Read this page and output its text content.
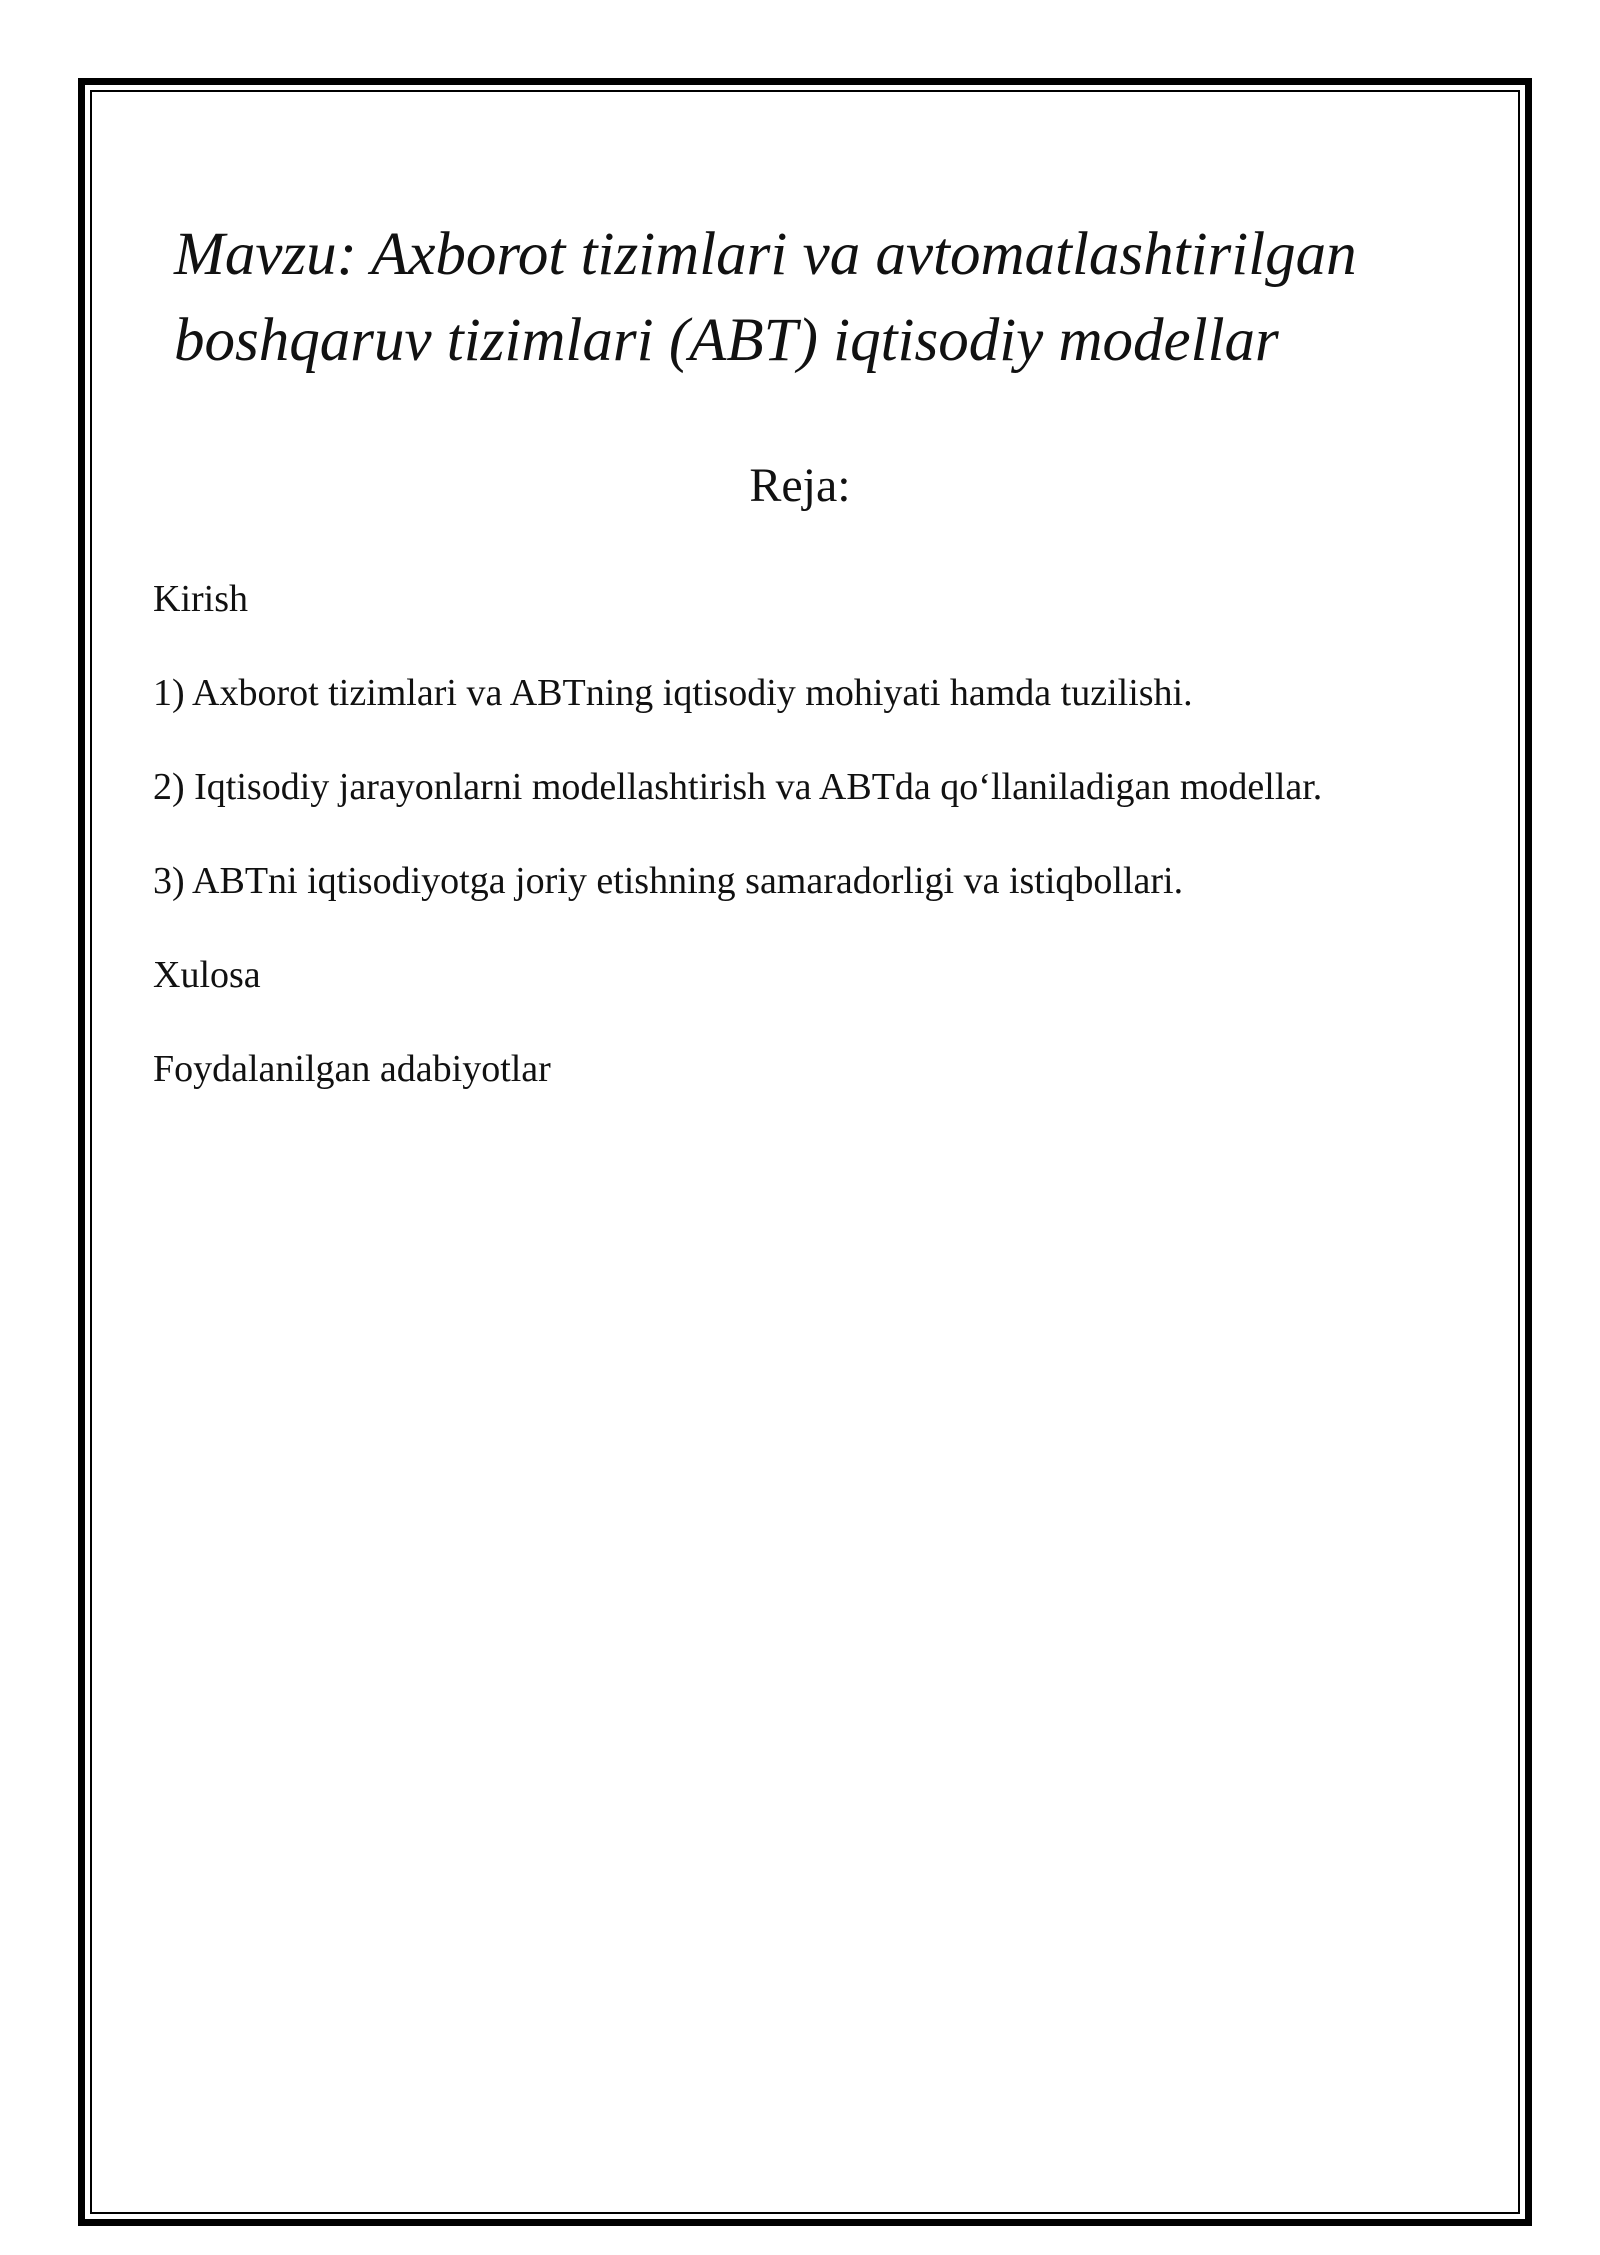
Mavzu: Axborot tizimlari va avtomatlashtirilgan
boshqaruv tizimlari (ABT) iqtisodiy modellar
Reja:
Kirish
1) Axborot tizimlari va ABTning iqtisodiy mohiyati hamda tuzilishi.
2) Iqtisodiy jarayonlarni modellashtirish va ABTda qo‘llaniladigan modellar.
3) ABTni iqtisodiyotga joriy etishning samaradorligi va istiqbollari.
Xulosa
Foydalanilgan adabiyotlar
